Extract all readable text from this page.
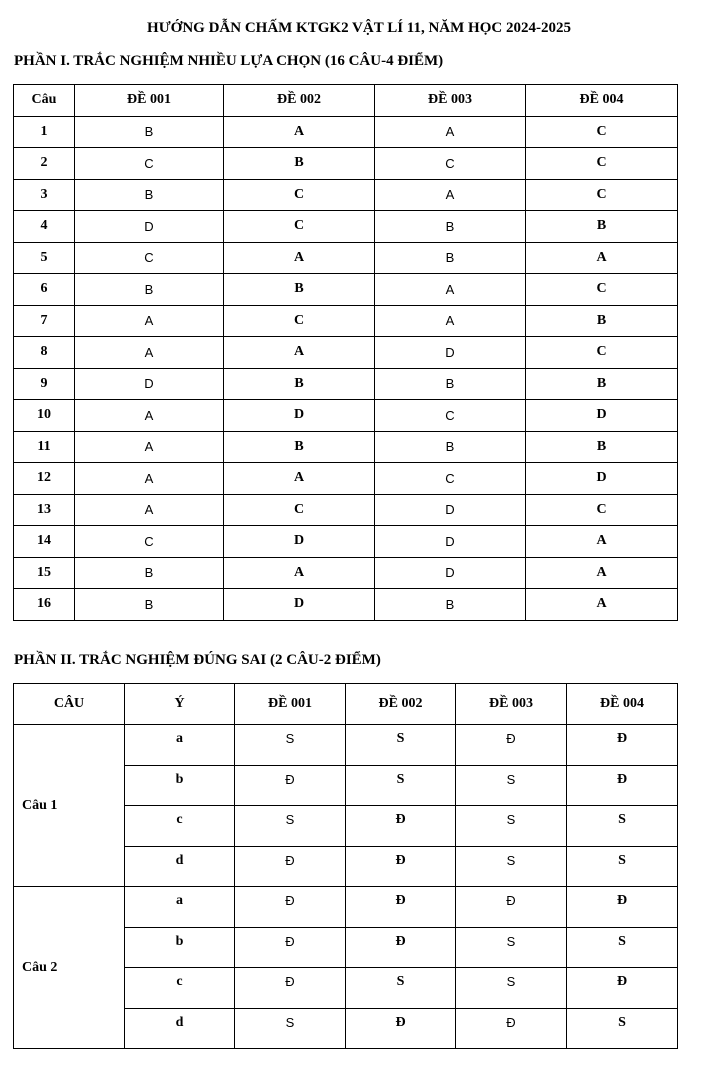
HƯỚNG DẪN CHẤM KTGK2 VẬT LÍ 11, NĂM HỌC 2024-2025
PHẦN I. TRẮC NGHIỆM NHIỀU LỰA CHỌN (16 CÂU-4 ĐIỂM)
Câu	ĐỀ 001	ĐỀ 002	ĐỀ 003	ĐỀ 004
1	B	A	A	C
2	C	B	C	C
3	B	C	A	C
4	D	C	B	B
5	C	A	B	A
6	B	B	A	C
7	A	C	A	B
8	A	A	D	C
9	D	B	B	B
10	A	D	C	D
11	A	B	B	B
12	A	A	C	D
13	A	C	D	C
14	C	D	D	A
15	B	A	D	A
16	B	D	B	A
PHẦN II. TRẮC NGHIỆM ĐÚNG SAI (2 CÂU-2 ĐIỂM)
CÂU	Ý	ĐỀ 001	ĐỀ 002	ĐỀ 003	ĐỀ 004
Câu 1	a	S	S	Đ	Đ
	b	Đ	S	S	Đ
	c	S	Đ	S	S
	d	Đ	Đ	S	S
Câu 2	a	Đ	Đ	Đ	Đ
	b	Đ	Đ	S	S
	c	Đ	S	S	Đ
	d	S	Đ	Đ	S
